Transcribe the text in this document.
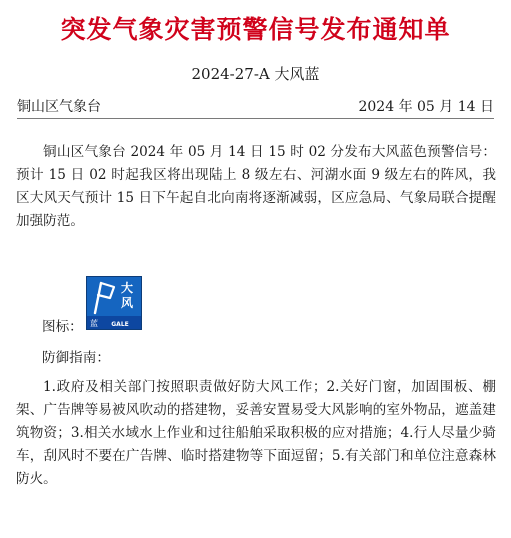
突发气象灾害预警信号发布通知单
2024-27-A 大风蓝
铜山区气象台	2024 年 05 月 14 日
铜山区气象台 2024 年 05 月 14 日 15 时 02 分发布大风蓝色预警信号：预计 15 日 02 时起我区将出现陆上 8 级左右、河湖水面 9 级左右的阵风，我区大风天气预计 15 日下午起自北向南将逐渐减弱，区应急局、气象局联合提醒加强防范。
图标：
大
风
蓝 GALE
防御指南：
1.政府及相关部门按照职责做好防大风工作；2.关好门窗，加固围板、棚架、广告牌等易被风吹动的搭建物，妥善安置易受大风影响的室外物品，遮盖建筑物资；3.相关水域水上作业和过往船舶采取积极的应对措施；4.行人尽量少骑车，刮风时不要在广告牌、临时搭建物等下面逗留；5.有关部门和单位注意森林防火。
